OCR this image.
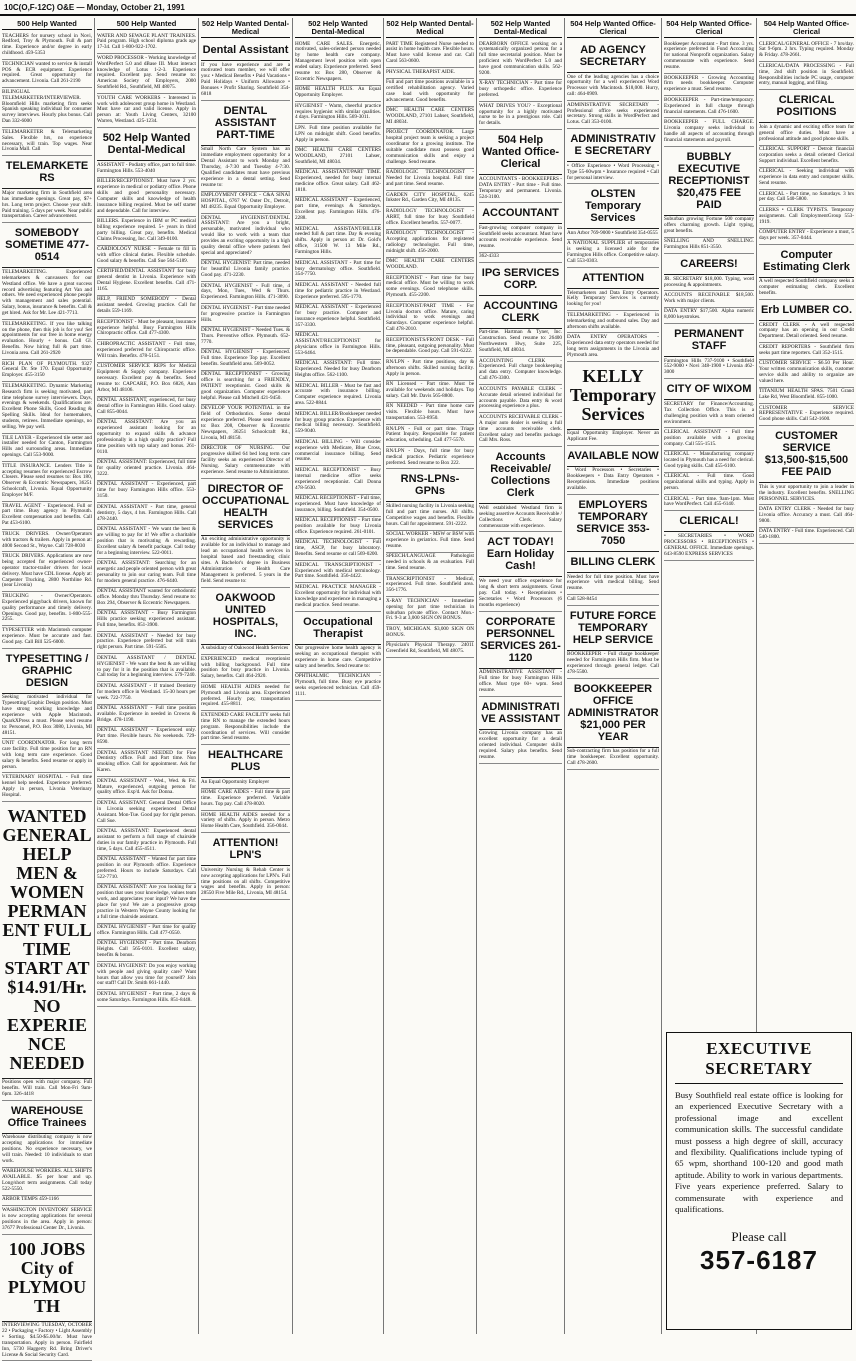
10C(O,F-12C) O&E — Monday, October 21, 1991
500 Help Wanted
TEACHERS for nursery school in Novi, Redford, Troy & Plymouth. Full & part time. Experience and/or degree in early childhood. 459-5353
TECHNICIAN wanted to service & install POS & ECR equipment. Experience required. Great opportunity for advancement. Livonia. Call 261-2190
BILINGUAL TELEMARKETER/INTERVIEWER. Bloomfield Hills marketing firm seeks Spanish speaking individual for consumer survey interviews. Hourly plus bonus. Call Dan 332-6000
TELEMARKETER & Telemarketing Sales. Flexible hrs, no experience necessary, will train. Top wages. Near Livonia Mall. Call
TELEMARKETERS
Major marketing firm in Southfield area has immediate openings. Great pay, $7+ hrs. Long term project. Choose your shift. Paid training. 5 days per week. Near public transportation. Career advancement.
SOMEBODY SOMETIME 477-0514
TELEMARKETING. Experienced telemarketers & canvassers for our Westland office. We have a great success record advertising featuring Art Van and others. We need experienced phone people with management and sales potential. Salary, bonus, insurance & benefits. Call & get hired. Ask for Mr. Lee 421-7713.
TELEMARKETING. If you like talking on the phone, then this job is for you! Set appointments for our free in home energy evaluation. Hourly + bonus. Call Gl. Benefits. Now hiring full & part time. Livonia area. Call 261-2920
RICH PLAN OF PLYMOUTH. 9327 General Dr. Ste 170. Equal Opportunity Employer. 455-3150
TELEMARKETING. Dynamic Marketing Research firm is seeking motivated, part time telephone survey interviewers. Days, evenings & weekends. Qualifications are: Excellent Phone Skills, Good Reading & Spelling Skills. Ideal for homemakers, students, retirees. Immediate openings, no selling. We pay well.
TILE LAYER - Experienced tile setter and installer needed for Canton, Farmington Hills and surrounding areas. Immediate openings. Call 553-9000.
TITLE INSURANCE. Lenders Title is accepting resumes for experienced Escrow Closers. Please send resumes to: Box 180, Observer & Eccentric Newspapers, 36251 Schoolcraft, Livonia. Equal Opportunity Employer M/F.
TRAVEL AGENT - Experienced. Full or part time. Busy agency in Plymouth. Excellent compensation and benefits. Call Pat 453-6100.
TRUCK DRIVERS. Owner/Operators with tractors & trailers. Apply in person at: 4000 Second St., Wayne. Call 728-8030
TRUCK DRIVERS. Applications are now being accepted for experienced owner-operator tractor-trailer drivers for local delivery. Must have CDL license. Apply at: Carpenter Trucking, 2800 Northline Rd. (near Livonia)
TRUCKING - Owner/Operators. Experienced piggyback drivers, known for quality performance and timely delivery. Openings. Good pay, benefits. 1-800-555-2255.
TYPESETTER with Macintosh computer experience. Must be accurate and fast. Good pay. Call Bill 525-6000.
TYPESETTING / GRAPHIC DESIGN
Seeking motivated individual for Typesetting/Graphic Design position. Must have strong working knowledge and experience with Apple Macintosh. QuarkXPress a must. Please send resume to: Personnel, P.O. Box 3080, Livonia, MI 48151.
UNIT COORDINATOR. For long term care facility. Full time position for an RN with long term care experience. Good salary & benefits. Send resume or apply in person.
VETERINARY HOSPITAL - Full time kennel help needed. Experience preferred. Apply in person, Livonia Veterinary Hospital.
WANTED GENERAL HELP MEN & WOMEN PERMANENT FULL TIME START AT $14.91/Hr. NO EXPERIENCE NEEDED
Positions open with major company. Full benefits. Will train. Call Mon-Fri 9am-6pm. 326-4418
WAREHOUSE Office Trainees
Warehouse distributing company is now accepting applications for immediate positions. No experience necessary, we will train. Needed: 10 individuals to start work.
WAREHOUSE WORKERS. ALL SHIFTS AVAILABLE. $5 per hour and up. Long/short term assignments. Call today 522-5550.
ARBOR TEMPS 459-1166
WASHINGTON INVENTORY SERVICE is now accepting applications for several positions in the area. Apply in person: 37677 Professional Center Dr., Livonia.
100 JOBS City of PLYMOUTH
INTERVIEWING TUESDAY, OCTOBER 22 • Packaging • Factory • Light Assembly • Sorting. $4.50-$5.00/hr. Must have transportation. Apply in person. Fairfield Inn, 5730 Haggerty Rd. Bring Driver's License & Social Security Card.
500 Help Wanted
WATER AND SEWAGE PLANT TRAINEES. Paid program. High school diploma grads age 17-34. Call 1-800-922-1702.
WORD PROCESSOR - Working knowledge of WordPerfect 5.0 and dBase III. Must interact knowledge of Lotus 1-2-3. Experience required. Excellent pay. Send resume to: American Society of Employers, 2000 Southfield Rd., Southfield, MI 48075.
YOUTH CARE WORKERS - Interested in work with adolescent group home in Westland. Must have car and valid license. Apply in person at: Youth Living Centers, 32100 Warren, Westland. 425-1234.
502 Help Wanted Dental-Medical
ASSISTANT - Podiatry office, part to full time. Farmington Hills. 553-4040
BILLER/RECEPTIONIST. Must have 2 yrs. experience in medical or podiatry office. Phone skills and good personality necessary. Computer skills and knowledge of health insurance billing required. Must be self starter and dependable. Call for interview.
BILLERS. Experience in IBM or PC medical billing experience required. 5+ years in third party billing. Great pay, benefits. Medical Claims Processing, Inc. Call 349-0100.
CARDIOLOGY NURSE - Female to fill in with office clinical duties. Flexible schedule. Good salary & benefits. Call Sue 564-5189.
CERTIFIED/DENTAL ASSISTANT for busy general dentist in Livonia. Experience with Dental Hygiene. Excellent benefits. Call 471-1165.
HELP, FRIEND SOMEBODY - Dental assistant needed. Growing practice. Call for details 559-1169.
RECEPTIONIST - Must be pleasant, insurance experience helpful. Busy Farmington Hills Chiropractic office. Call 477-4300.
CHIROPRACTIC ASSISTANT - Full time, experienced preferred for Chiropractic office. Will train. Benefits. 478-5151.
CUSTOMER SERVICE REPS for Medical Equipment & Supply company. Experience necessary. Excellent pay & benefits. Send resume to: CAPCARE, P.O. Box 6826, Ann Arbor, MI 48106.
DENTAL ASSISTANT, experienced, for busy dental office in Farmington Hills. Good salary. Call 855-0044.
DENTAL ASSISTANT: Are you an experienced assistant looking for an opportunity to expand skills & advance professionally in a high quality practice? Full time position with top salary and bonus. 261-0110.
DENTAL ASSISTANT: Experienced, full time for quality oriented practice. Livonia. 464-3222.
DENTAL ASSISTANT - Experienced, part time for busy Farmington Hills office. 553-3150.
DENTAL ASSISTANT - Part time, general dentistry, 5 days, 4 hrs. Farmington Hills. Call 478-2440.
DENTAL ASSISTANT - We want the best & are willing to pay for it! We offer a charitable position that is motivating & rewarding. Excellent salary & benefit package. Call today for a beginning interview. 522-0011.
DENTAL ASSISTANT: Searching for an energetic and people oriented person with great personality to join our caring team. Full time for modern general practice. 476-6440.
DENTAL ASSISTANT wanted for orthodontic office. Monday thru Thursday. Send resume to: Box 294, Observer & Eccentric Newspapers.
DENTAL ASSISTANT - Busy Farmington Hills practice seeking experienced assistant. Full time, benefits. 851-3900.
DENTAL ASSISTANT - Needed for busy practice. Experience preferred but will train right person. Part time. 591-5505.
DENTAL ASSISTANT / DENTAL HYGIENIST - We want the best & are willing to pay for it in the position that is available. Call today for a beginning interview. 579-7240.
DENTAL ASSISTANT - If trained Dentistry for modern office in Westland. 15-30 hours per week. 722-7750.
DENTAL ASSISTANT - Full time position available. Experience in needed in Crowns & Bridge. 478-1190.
DENTAL ASSISTANT - Experienced only. Part time. Flexible hours. No weekends. 729-8590.
DENTAL ASSISTANT NEEDED for Fine Dentistry office. Full and Part time. Non smoking office. Call for appointment. Ask for Karen.
DENTAL ASSISTANT - Wed., Wed. & Fri. Mature, experienced, outgoing person for quality office. Exp'd. Ask for Donna.
DENTAL ASSISTANT. General Dental Office in Livonia seeking experienced Dental Assistant. Mon-Tue. Good pay for right person. Call Sue.
DENTAL ASSISTANT: Experienced dental assistant to perform a full range of chairside duties in our family practice in Plymouth. Full time, 5 days. Call 455-4511.
DENTAL ASSISTANT - Wanted for part time position in our Plymouth office. Experience preferred. Hours to include Saturdays. Call 522-7710.
DENTAL ASSISTANT: Are you looking for a position that uses your knowledge, values team work, and appreciates your input? We have the place for you! We are a progressive group practice in Western Wayne County looking for a full time chairside assistant.
DENTAL HYGIENIST - Part time for quality office. Farmington Hills. Call 477-0550.
DENTAL HYGIENIST - Part time. Dearborn Heights. Call 565-0101. Excellent salary, benefits & bonus.
DENTAL HYGIENIST: Do you enjoy working with people and giving quality care? Want hours that allow you time for yourself? Join our staff! Call Dr. Smith 661-1440.
DENTAL HYGIENIST - Part time, 2 days & some Saturdays. Farmington Hills. 851-8448.
502 Help Wanted Dental-Medical
Dental Assistant
If you have experience and are a motivated team member, we will offer you: • Medical Benefits • Paid Vacations • Paid Holidays • Uniform Allowance • Bonuses • Profit Sharing. Southfield 354-6818
DENTAL ASSISTANT PART-TIME
Small North Care System has an immediate employment opportunity for a Dental Assistant to work Monday and Thursday, 4-7:30 and Tuesday 4-7:30. Qualified candidates must have previous experience in a dental setting. Send resume to:
EMPLOYMENT OFFICE - C&A SINAI HOSPITAL, 6767 W. Outer Dr., Detroit, MI 48235. Equal Opportunity Employer.
DENTAL HYGIENIST/DENTAL ASSISTANT: Are you a bright, personable, motivated individual who would like to work with a team that provides an exciting opportunity in a high quality dental office where patients feel special and appreciated?
DENTAL HYGIENIST: Part time, needed for beautiful Livonia family practice. Good pay. 471-2230.
DENTAL HYGIENIST - Full time, 4 days, Mon, Tues, Wed & Thurs. Experienced. Farmington Hills. 471-3090.
DENTAL HYGIENIST - Part time needed for progressive practice in Farmington Hills.
DENTAL HYGIENIST - Needed Tues. & Thurs. Preventive office. Plymouth. 652-7770.
DENTAL HYGIENIST - Experienced. Full time. Experience Top pay. Excellent benefits. Southfield area. 569-0052.
DENTAL RECEPTIONIST - Growing office is searching for a FRIENDLY, PATIENT receptionist. Good skills & good organization. Computer experience helpful. Please call Mitchell 421-9450.
DEVELOP YOUR POTENTIAL in the field of Orthodontics. Some dental experience preferred. Please send resume to: Box 208, Observer & Eccentric Newspapers, 36251 Schoolcraft Rd., Livonia, MI 48150.
DIRECTOR OF NURSING. Our progressive skilled 64 bed long term care facility seeks an experienced Director of Nursing. Salary commensurate with experience. Send resume to Administrator.
DIRECTOR OF OCCUPATIONAL HEALTH SERVICES
An exciting administrative opportunity is available for an individual to manage and lead an occupational health services in hospital based and freestanding clinic sites. A Bachelor's degree in Business Administration or Health Care Management is preferred. 5 years in the field. Send resume to:
OAKWOOD UNITED HOSPITALS, INC.
A subsidiary of Oakwood Health Services
EXPERIENCED medical receptionist with billing background. Full time position for busy practice in Livonia. Salary, benefits. Call 464-2920.
HOME HEALTH AIDES needed for Plymouth and Livonia area. Experienced preferred. Hourly pay, transportation required. 455-8811.
EXTENDED CARE FACILITY seeks full time RN to manage the extended hours program. Responsibilities include the coordination of services. Will consider part time. Send resume.
HEALTHCARE PLUS
An Equal Opportunity Employer
HOME CARE AIDES - Full time & part time. Experience preferred. Variable hours. Top pay. Call 478-8020.
HOME HEALTH AIDES needed for a variety of shifts. Apply in person. Metro Home Health Care, Southfield. 356-0044.
ATTENTION! LPN'S
University Nursing & Rehab Center is now accepting applications for LPN's. Full time positions on all shifts. Competitive wages and benefits. Apply in person: 28550 Five Mile Rd., Livonia, MI 48154.
502 Help Wanted Dental-Medical
HOME CARE SALES. Energetic, motivated, sales-oriented person needed by home health care company. Management level position with open ended salary. Experience preferred. Send resume to: Box 280, Observer & Eccentric Newspapers.
HOME HEALTH PLUS. An Equal Opportunity Employer.
HYGIENIST - Warm, cheerful practice requires hygienist with similar qualities. 4 days. Farmington Hills. 569-3011.
LPN. Full time position available for LPN on midnight shift. Good benefits. Apply in person.
DMC HEALTH CARE CENTERS WOODLAND, 27101 Lahser, Southfield, MI 48034.
MEDICAL ASSISTANT/PART TIME. Experienced, needed for busy internal medicine office. Great salary. Call 462-1818.
MEDICAL ASSISTANT - Experienced, part time, evenings & Saturdays. Excellent pay. Farmington Hills. 476-2288.
MEDICAL ASSISTANT/BILLER needed full & part time. Day & evening shifts. Apply in person at: Dr. Gold's office, 31500 W. 13 Mile Rd., Farmington Hills.
MEDICAL ASSISTANT - Part time for busy dermatology office. Southfield. 354-7750.
MEDICAL ASSISTANT - Needed full time for pediatric practice in Westland. Experience preferred. 595-1770.
MEDICAL ASSISTANT - Experienced for busy practice. Computer and insurance experience helpful. Southfield. 357-3330.
MEDICAL ASSISTANT/RECEPTIONIST for physicians office in Farmington Hills. 553-6464.
MEDICAL ASSISTANT: Full time. Experienced. Needed for busy Dearborn Heights office. 562-1100.
MEDICAL BILLER - Must be fast and accurate with insurance billing. Computer experience required. Livonia area. 522-8844.
MEDICAL BILLER/Bookkeeper needed for busy group practice. Experience with medical billing necessary. Southfield. 559-9040.
MEDICAL BILLING - Will consider experience with Medicare, Blue Cross, commercial insurance billing. Send resume.
MEDICAL RECEPTIONIST - Busy internal medicine office seeks experienced receptionist. Call Donna 478-5630.
MEDICAL RECEPTIONIST - Full time, experienced. Must have knowledge of insurance, billing. Southfield. 354-0500.
MEDICAL RECEPTIONIST - Part time position available for busy Livonia office. Experience required. 261-0101.
MEDICAL TECHNOLOGIST - Full time, ASCP, for busy laboratory. Benefits. Send resume or call 569-0200.
MEDICAL TRANSCRIPTIONIST - Experienced with medical terminology. Part time. Southfield. 356-4422.
MEDICAL PRACTICE MANAGER - Excellent opportunity for individual with knowledge and experience in managing a medical practice. Send resume.
Occupational Therapist
Our progressive home health agency is seeking an occupational therapist with experience in home care. Competitive salary and benefits. Send resume to:
OPHTHALMIC TECHNICIAN - Plymouth, full time. Busy eye practice seeks experienced technician. Call 459-1111.
502 Help Wanted Dental-Medical
PART TIME Registered Nurse needed to assist in home health care. Flexible hours. Must have valid license and car. Call Carol 563-0600.
PHYSICAL THERAPIST AIDE.
Full and part time positions available in a certified rehabilitation agency. Varied case load with opportunity for advancement. Good benefits.
DMC HEALTH CARE CENTERS WOODLAND, 27101 Lahser, Southfield, MI 48034.
PROJECT COORDINATOR. Large hospital project team is seeking a project coordinator for a growing institute. The suitable candidate must possess good communication skills and enjoy a challenge. Send resume.
RADIOLOGIC TECHNOLOGIST - Needed for Livonia hospital. Full time and part time. Send resume.
GARDEN CITY HOSPITAL, 6245 Inkster Rd., Garden City, MI 48135.
RADIOLOGY TECHNOLOGIST - ARRT, full time for busy Southfield office. Excellent benefits. 557-0077.
RADIOLOGY TECHNOLOGIST - Accepting applications for registered radiology technologist. Full time, midnight shift. 456-2000.
DMC HEALTH CARE CENTERS WOODLAND.
RECEPTIONIST - Part time for busy medical office. Must be willing to work some evenings. Good telephone skills. Plymouth. 455-2200.
RECEPTIONIST/PART TIME - For Livonia doctors office. Mature, caring individual to work evenings and Saturdays. Computer experience helpful. Call 478-2010.
RECEPTIONISTS/FRONT DESK - Full time, pleasant, outgoing personality. Must be dependable. Good pay. Call 591-6222.
RN/LPN - Part time positions, day & afternoon shifts. Skilled nursing facility. Apply in person.
RN Licensed - Part time. Must be available for weekends and holidays. Top salary. Call Mr. Davis 565-8800.
RN NEEDED - Part time home care visits. Flexible hours. Must have transportation. 553-8950.
RN/LPN - Full or part time. Triage Patient Inquiry. Responsible for patient education, scheduling. Call 477-5570.
RN/LPN - Days, full time for busy medical practice. Pediatric experience preferred. Send resume to Box 222.
RNS-LPNs-GPNs
Skilled nursing facility in Livonia seeking full and part time nurses. All shifts. Competitive wages and benefits. Flexible hours. Call for appointment. 591-2222.
SOCIAL WORKER - MSW or BSW with experience in geriatrics. Full time. Send resume.
SPEECH/LANGUAGE Pathologist needed in schools & an evaluation. Full time. Send resume.
TRANSCRIPTIONIST - Medical, experienced. Full time. Southfield area. 356-1776.
X-RAY TECHNICIAN - Immediate opening for part time technician in suburban private office. Contact Mon.-Fri. 9-3 at 3,000 SIGN ON BONUS.
TROY, MICHIGAN. $3,000 SIGN ON BONUS.
Physician's Physical Therapy. 24011 Greenfield Rd, Southfield, MI 48075.
502 Help Wanted Dental-Medical
DEARBORN OFFICE working on a systematically organized person for a full time secretarial position. Must be proficient with WordPerfect 5.0 and have good communication skills. 562-9200.
X-RAY TECHNICIAN - Part time for busy orthopedic office. Experience preferred.
WHAT DRIVES YOU? - Exceptional opportunity for a highly motivated nurse to be in a prestigious role. Call for details.
504 Help Wanted Office-Clerical
ACCOUNTANTS - BOOKKEEPERS - DATA ENTRY - Part time - Full time. Temporary and permanent. Livonia. 524-3100.
ACCOUNTANT
Fast-growing computer company in Southfield seeks accountant. Must have accounts receivable experience. Send resume.
362-4333
IPG SERVICES CORP.
ACCOUNTING CLERK
Part-time. Hartman & Tyner, Inc. Construction. Send resume to: 26400 Northwestern Hwy, Suite 225, Southfield, MI 48034.
ACCOUNTING CLERK - Experienced. Full charge bookkeeping and data entry. Computer knowledge. Call 476-3300.
ACCOUNTS PAYABLE CLERK - Accurate detail oriented individual for accounts payable. Data entry & word processing experience a plus.
ACCOUNTS RECEIVABLE CLERK - A major auto dealer is seeking a full time accounts receivable clerk. Excellent salary and benefits package. Call Mrs. Ross.
Accounts Receivable/ Collections Clerk
Well established Westland firm is seeking assertive Accounts Receivable / Collections Clerk. Salary commensurate with experience.
ACT TODAY! Earn Holiday Cash!
We need your office experience for long & short term assignments. Great pay. Call today. • Receptionists • Secretaries • Word Processors (6 months experience)
CORPORATE PERSONNEL SERVICES 261-1120
ADMINISTRATIVE ASSISTANT - Full time for busy Farmington Hills office. Must type 60+ wpm. Send resume.
ADMINISTRATIVE ASSISTANT
Growing Livonia company has an excellent opportunity for a detail oriented individual. Computer skills required. Salary plus benefits. Send resume.
504 Help Wanted Office-Clerical
AD AGENCY SECRETARY
One of the leading agencies has a choice opportunity for a well experienced Word Processor with Macintosh. $18,000. Hurry, call: 464-0909.
ADMINISTRATIVE SECRETARY - Professional office seeks experienced secretary. Strong skills in WordPerfect and Lotus. Call 353-0100.
ADMINISTRATIVE SECRETARY
• Office Experience • Word Processing • Type 55-60wpm • Insurance required • Call for personal interview.
OLSTEN Temporary Services
Ann Arbor 769-9000 • Southfield 354-0555
A NATIONAL SUPPLIER of temporaries is seeking a licensed aide for the Farmington Hills office. Competitive salary. Call 553-0303.
ATTENTION
Telemarketers and Data Entry Operators. Kelly Temporary Services is currently looking for you!
TELEMARKETING - Experienced in telemarketing and outbound sales. Day and afternoon shifts available.
DATA ENTRY OPERATORS - Experienced data entry operators needed for long term assignments in the Livonia and Plymouth area.
KELLY Temporary Services
Equal Opportunity Employer. Never an Applicant Fee.
AVAILABLE NOW
• Word Processors • Secretaries • Bookkeepers • Data Entry Operators • Receptionists. Immediate positions available.
EMPLOYERS TEMPORARY SERVICE 353-7050
BILLING CLERK
Needed for full time position. Must have experience with medical billing. Send resume.
Call 528-8454
FUTURE FORCE TEMPORARY HELP SERVICE
BOOKKEEPER - Full charge bookkeeper needed for Farmington Hills firm. Must be experienced through general ledger. Call 478-5500.
BOOKKEEPER OFFICE ADMINISTRATOR $21,000 PER YEAR
Sub-contracting firm has position for a full time bookkeeper. Excellent opportunity. Call 478-2600.
504 Help Wanted Office-Clerical
Bookkeeper Accountant - Part time. 3 yrs. experience preferred in Fund Accounting for national Nonprofit organization. Salary commensurate with experience. Send resume.
BOOKKEEPER - Growing Accounting firm needs bookkeeper. Computer experience a must. Send resume.
BOOKKEEPER - Part-time/temporary. Experienced in full charge through financial statements. Call 476-1600.
BOOKKEEPER - FULL CHARGE. Livonia company seeks individual to handle all aspects of accounting through financial statements and payroll.
BUBBLY EXECUTIVE RECEPTIONIST $20,475 FEE PAID
Suburban growing Fortune 500 company offers charming growth. Light typing, great benefits.
SNELLING AND SNELLING. Farmington Hills 851-3550.
CAREERS!
JR. SECRETARY $18,000. Typing, word processing & appointments.
ACCOUNTS RECEIVABLE $18,500. Work with major clients.
DATA ENTRY $17,500. Alpha numeric 8,000 keystrokes.
PERMANENT STAFF
Farmington Hills 737-9100 • Southfield 552-9000 • Novi 348-1900 • Livonia 462-3000
CITY OF WIXOM
SECRETARY for Finance/Accounting. Tax Collection Office. This is a challenging position with a team oriented environment.
CLERICAL ASSISTANT - Full time position available with a growing company. Call 555-1515.
CLERICAL - Manufacturing company located in Plymouth has a need for clerical. Good typing skills. Call 455-6100.
CLERICAL - Full time. Good organizational skills and typing. Apply in person.
CLERICAL - Part time. 9am-1pm. Must have WordPerfect. Call 455-6140.
CLERICAL!
• SECRETARIES • WORD PROCESSORS • RECEPTIONISTS • GENERAL OFFICE. Immediate openings. 643-8590 EXPRESS SERVICES
504 Help Wanted Office-Clerical
CLERICAL/GENERAL OFFICE - 7 hrs/day. Sat 9-6pm. 2 hrs. Typing required. Monday & Friday. 478-2661.
CLERICAL/DATA PROCESSING - Full time, 2nd shift position in Southfield. Responsibilities include PC usage, computer entry, manual logging, and filing.
CLERICAL POSITIONS
Join a dynamic and exciting office team for general office duties. Must have a professional attitude and good phone skills.
CLERICAL SUPPORT - Detroit financial corporation seeks a detail oriented Clerical Support individual. Excellent benefits.
CLERICAL - Seeking individual with experience in data entry and computer skills. Send resume.
CLERICAL - Part time, no Saturdays. 3 hrs per day. Call 540-5800.
CLERKS • CLERK TYPISTS. Temporary assignments. Call EmploymentGroup 553-1919.
COMPUTER ENTRY - Experience a must, 5 days per week. 357-0444.
Computer Estimating Clerk
A well respected Southfield company seeks a computer estimating clerk. Excellent benefits.
Erb LUMBER CO.
CREDIT CLERK - A well respected company has an opening in our Credit Department. Detail oriented. Send resume.
CREDIT REPORTERS - Southfield firm seeks part time reporters. Call 352-1515.
CUSTOMER SERVICE - $6.50 Per Hour. Your written communication skills, customer service skills and ability to organize are valued here.
TITANIUM HEALTH SPAS. 7501 Grand Lake Rd, West Bloomfield. 855-1000.
CUSTOMER SERVICE REPRESENTATIVE - Experience required. Good phone skills. Call 542-1600.
CUSTOMER SERVICE $13,500-$15,500 FEE PAID
This is your opportunity to join a leader in the industry. Excellent benefits. SNELLING PERSONNEL SERVICES.
DATA ENTRY CLERK - Needed for busy Livonia office. Accuracy a must. Call 464-9800.
DATA ENTRY - Full time. Experienced. Call 540-1800.
EXECUTIVE SECRETARY

Busy Southfield real estate office is looking for an experienced Executive Secretary with a professional image and excellent communication skills. The successful candidate must possess a high degree of skill, accuracy and flexibility. Qualifications include typing of 65 wpm, shorthand 100-120 and good math aptitude. Ability to work in various departments. Five years experience preferred. Salary to commensurate with experience and qualifications.

Please call
357-6187
